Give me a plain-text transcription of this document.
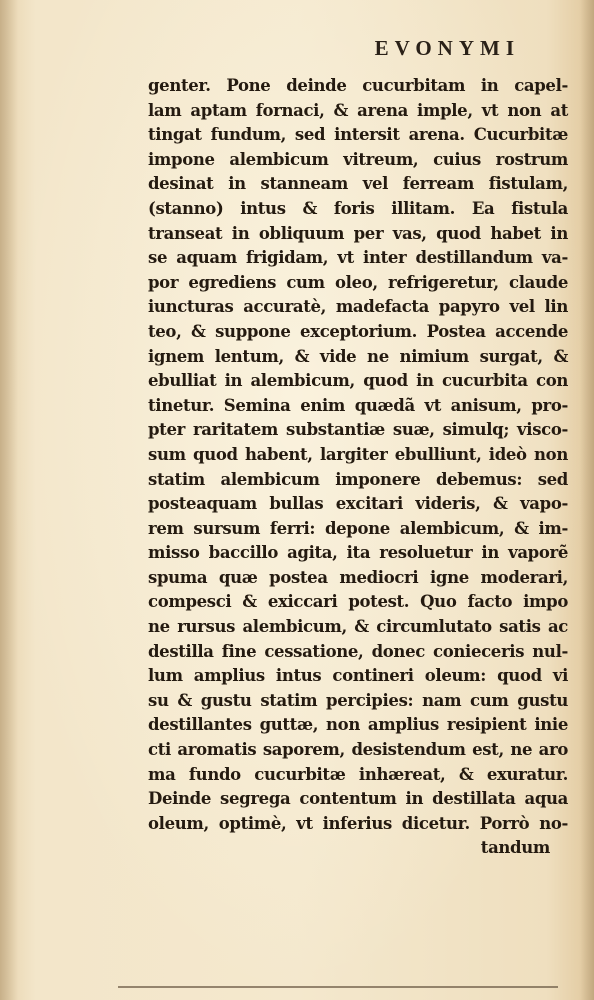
EVONYMI
genter. Pone deinde cucurbitam in capel-
lam aptam fornaci, & arena imple, vt non at
tingat fundum, sed intersit arena. Cucurbitæ
impone alembicum vitreum, cuius rostrum
desinat in stanneam vel ferream fistulam,
(stanno) intus & foris illitam. Ea fistula
transeat in obliquum per vas, quod habet in
se aquam frigidam, vt inter destillandum va-
por egrediens cum oleo, refrigeretur, claude
iuncturas accuratè, madefacta papyro vel lin
teo, & suppone exceptorium. Postea accende
ignem lentum, & vide ne nimium surgat, &
ebulliat in alembicum, quod in cucurbita con
tinetur. Semina enim quædã vt anisum, pro-
pter raritatem substantiæ suæ, simulq; visco-
sum quod habent, largiter ebulliunt, ideò non
statim alembicum imponere debemus: sed
posteaquam bullas excitari videris, & vapo-
rem sursum ferri: depone alembicum, & im-
misso baccillo agita, ita resoluetur in vaporẽ
spuma quæ postea mediocri igne moderari,
compesci & exiccari potest. Quo facto impo
ne rursus alembicum, & circumlutato satis ac
destilla fine cessatione, donec conieceris nul-
lum amplius intus contineri oleum: quod vi
su & gustu statim percipies: nam cum gustu
destillantes guttæ, non amplius resipient inie
cti aromatis saporem, desistendum est, ne aro
ma fundo cucurbitæ inhæreat, & exuratur.
Deinde segrega contentum in destillata aqua
oleum, optimè, vt inferius dicetur. Porrò no-
tandum
